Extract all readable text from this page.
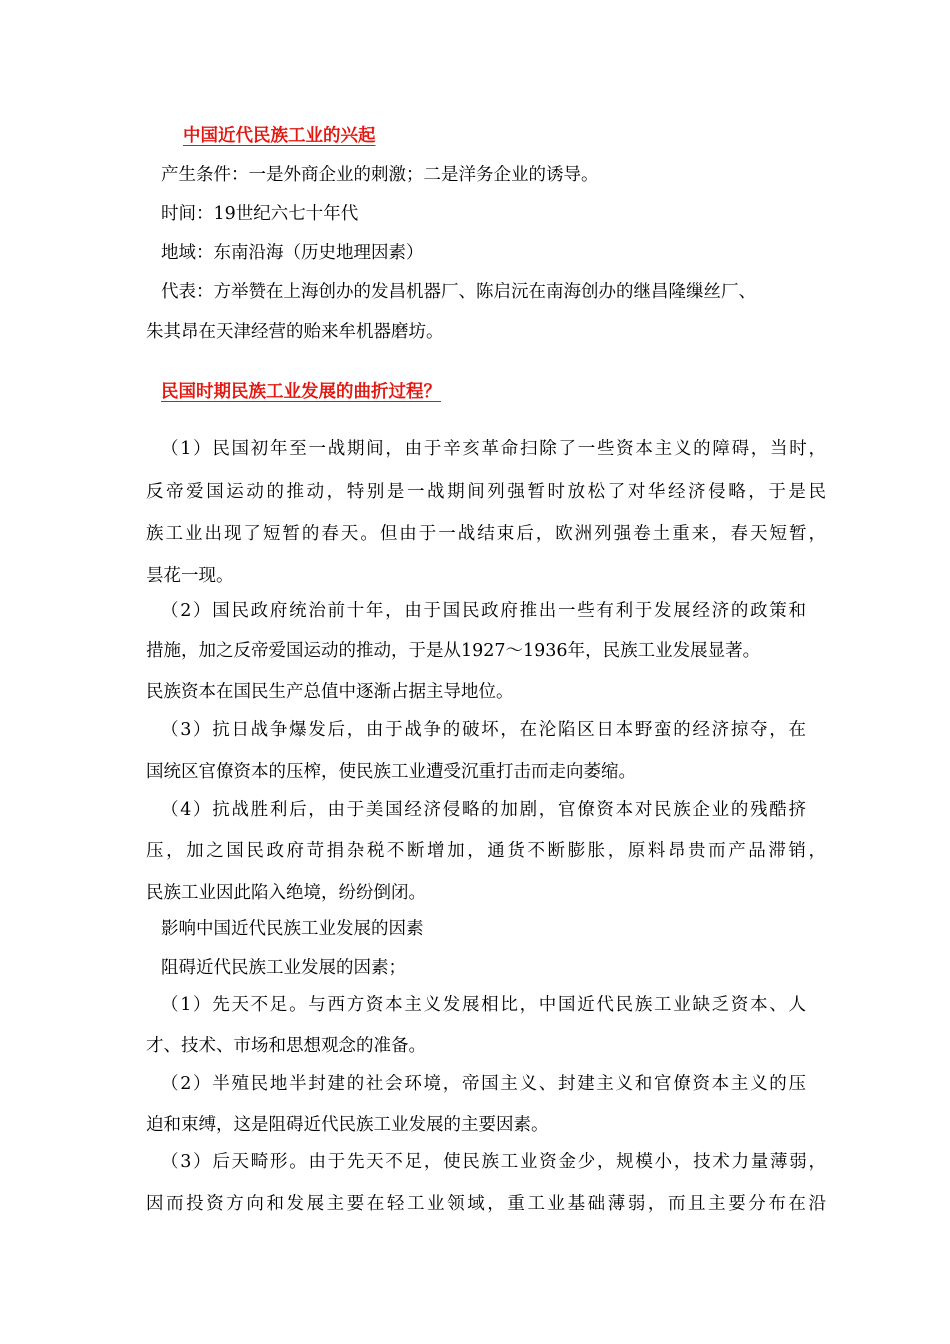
中国近代民族工业的兴起

产生条件：一是外商企业的刺激；二是洋务企业的诱导。

时间：19世纪六七十年代

地域：东南沿海（历史地理因素）

代表：方举赞在上海创办的发昌机器厂、陈启沅在南海创办的继昌隆缫丝厂、

朱其昂在天津经营的贻来牟机器磨坊。

民国时期民族工业发展的曲折过程？

（1）民国初年至一战期间，由于辛亥革命扫除了一些资本主义的障碍，当时，

反帝爱国运动的推动，特别是一战期间列强暂时放松了对华经济侵略，于是民

族工业出现了短暂的春天。但由于一战结束后，欧洲列强卷土重来，春天短暂，

昙花一现。

（2）国民政府统治前十年，由于国民政府推出一些有利于发展经济的政策和

措施，加之反帝爱国运动的推动，于是从1927～1936年，民族工业发展显著。

民族资本在国民生产总值中逐渐占据主导地位。

（3）抗日战争爆发后，由于战争的破坏，在沦陷区日本野蛮的经济掠夺，在

国统区官僚资本的压榨，使民族工业遭受沉重打击而走向萎缩。

（4）抗战胜利后，由于美国经济侵略的加剧，官僚资本对民族企业的残酷挤

压，加之国民政府苛捐杂税不断增加，通货不断膨胀，原料昂贵而产品滞销，

民族工业因此陷入绝境，纷纷倒闭。

影响中国近代民族工业发展的因素

阻碍近代民族工业发展的因素；

（1）先天不足。与西方资本主义发展相比，中国近代民族工业缺乏资本、人

才、技术、市场和思想观念的准备。

（2）半殖民地半封建的社会环境，帝国主义、封建主义和官僚资本主义的压

迫和束缚，这是阻碍近代民族工业发展的主要因素。

（3）后天畸形。由于先天不足，使民族工业资金少，规模小，技术力量薄弱，

因而投资方向和发展主要在轻工业领域，重工业基础薄弱，而且主要分布在沿
